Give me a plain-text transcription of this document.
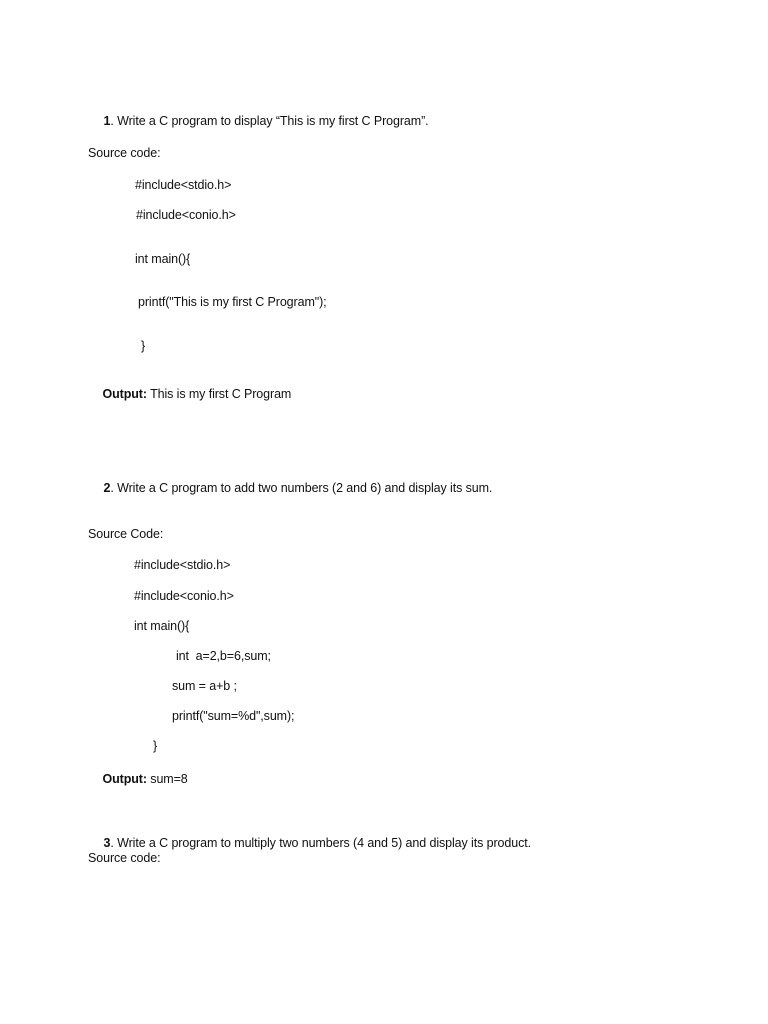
1. Write a C program to display “This is my first C Program”.

Source code:
#include<stdio.h>
#include<conio.h>
int main(){
printf("This is my first C Program");
}

Output: This is my first C Program

2. Write a C program to add two numbers (2 and 6) and display its sum.

Source Code:
#include<stdio.h>
#include<conio.h>
int main(){
int  a=2,b=6,sum;
sum = a+b ;
printf("sum=%d",sum);
}

Output: sum=8

3. Write a C program to multiply two numbers (4 and 5) and display its product.

Source code:
